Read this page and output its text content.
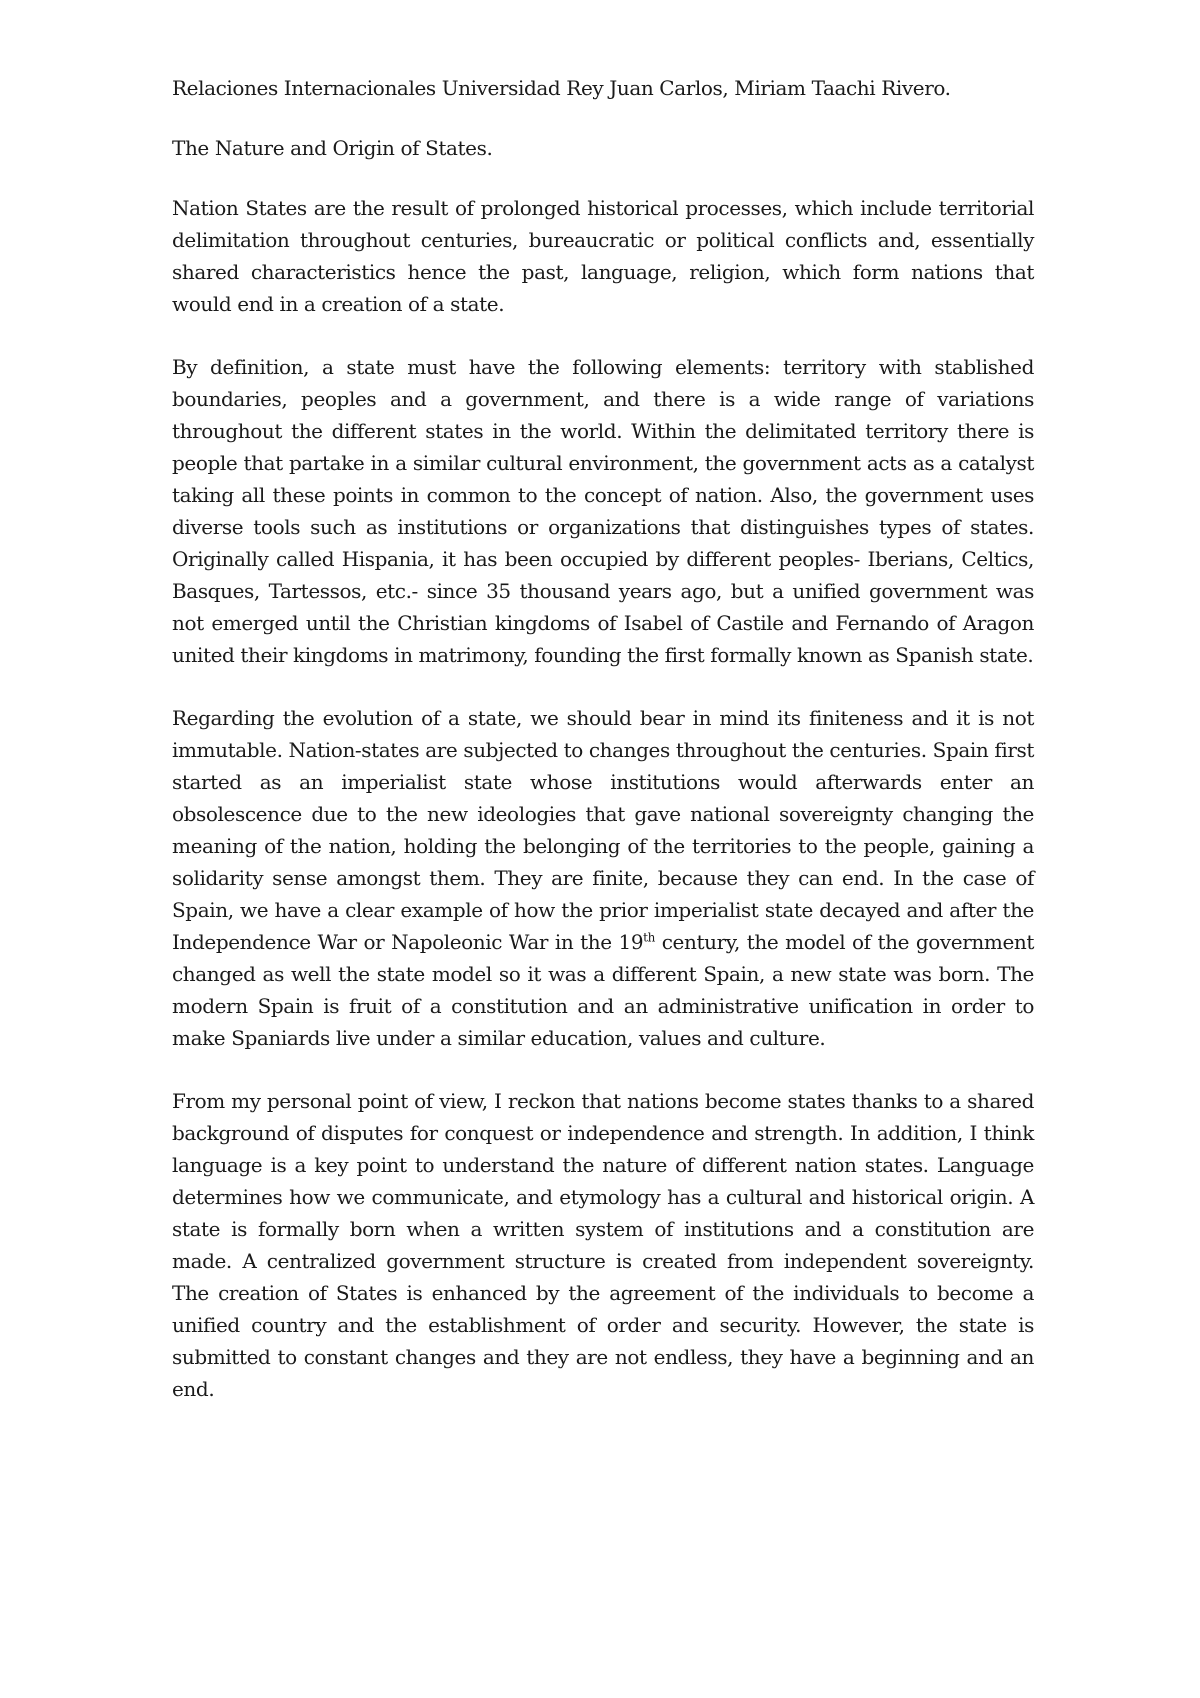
Relaciones Internacionales Universidad Rey Juan Carlos, Miriam Taachi Rivero.

The Nature and Origin of States.

Nation States are the result of prolonged historical processes, which include territorial delimitation throughout centuries, bureaucratic or political conflicts and, essentially shared characteristics hence the past, language, religion, which form nations that would end in a creation of a state.

By definition, a state must have the following elements: territory with stablished boundaries, peoples and a government, and there is a wide range of variations throughout the different states in the world. Within the delimitated territory there is people that partake in a similar cultural environment, the government acts as a catalyst taking all these points in common to the concept of nation. Also, the government uses diverse tools such as institutions or organizations that distinguishes types of states. Originally called Hispania, it has been occupied by different peoples- Iberians, Celtics, Basques, Tartessos, etc.- since 35 thousand years ago, but a unified government was not emerged until the Christian kingdoms of Isabel of Castile and Fernando of Aragon united their kingdoms in matrimony, founding the first formally known as Spanish state.

Regarding the evolution of a state, we should bear in mind its finiteness and it is not immutable. Nation-states are subjected to changes throughout the centuries. Spain first started as an imperialist state whose institutions would afterwards enter an obsolescence due to the new ideologies that gave national sovereignty changing the meaning of the nation, holding the belonging of the territories to the people, gaining a solidarity sense amongst them. They are finite, because they can end. In the case of Spain, we have a clear example of how the prior imperialist state decayed and after the Independence War or Napoleonic War in the 19th century, the model of the government changed as well the state model so it was a different Spain, a new state was born. The modern Spain is fruit of a constitution and an administrative unification in order to make Spaniards live under a similar education, values and culture.

From my personal point of view, I reckon that nations become states thanks to a shared background of disputes for conquest or independence and strength. In addition, I think language is a key point to understand the nature of different nation states. Language determines how we communicate, and etymology has a cultural and historical origin. A state is formally born when a written system of institutions and a constitution are made. A centralized government structure is created from independent sovereignty. The creation of States is enhanced by the agreement of the individuals to become a unified country and the establishment of order and security. However, the state is submitted to constant changes and they are not endless, they have a beginning and an end.
